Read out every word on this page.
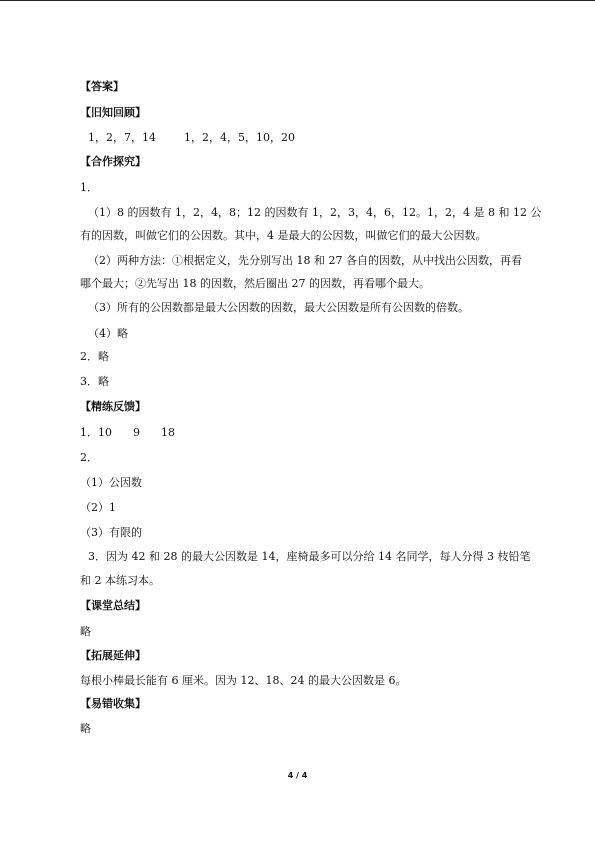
【答案】
【旧知回顾】
1，2，7，14        1，2，4，5，10，20
【合作探究】
1．
（1）8 的因数有 1，2，4，8；12 的因数有 1，2，3，4，6，12。1，2，4 是 8 和 12 公
有的因数，叫做它们的公因数。其中，4 是最大的公因数，叫做它们的最大公因数。
（2）两种方法：①根据定义，先分别写出 18 和 27 各自的因数，从中找出公因数，再看
哪个最大；②先写出 18 的因数，然后圈出 27 的因数，再看哪个最大。
（3）所有的公因数都是最大公因数的因数，最大公因数是所有公因数的倍数。
（4）略
2．略
3．略
【精练反馈】
1．10      9      18
2．
（1）公因数
（2）1
（3）有限的
3．因为 42 和 28 的最大公因数是 14，座椅最多可以分给 14 名同学，每人分得 3 枝铅笔
和 2 本练习本。
【课堂总结】
略
【拓展延伸】
每根小棒最长能有 6 厘米。因为 12、18、24 的最大公因数是 6。
【易错收集】
略
4 / 4
